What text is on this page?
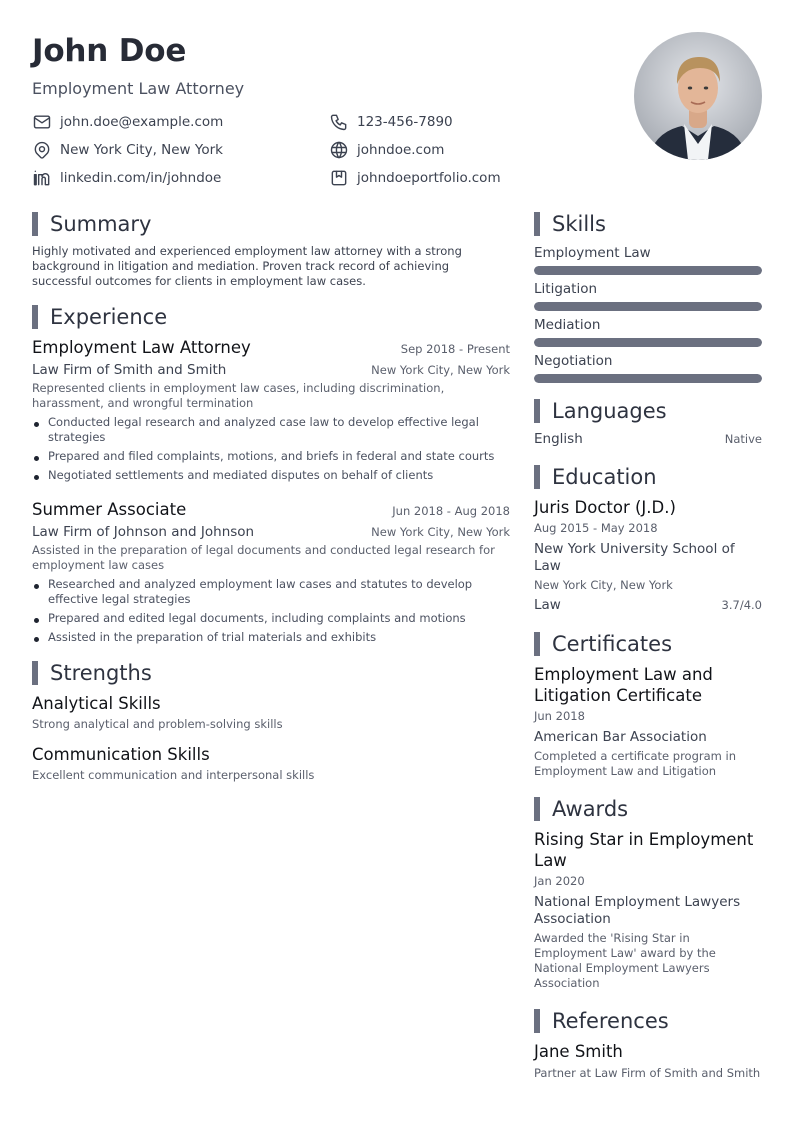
John Doe
Employment Law Attorney
john.doe@example.com	123-456-7890
New York City, New York	johndoe.com
linkedin.com/in/johndoe	johndoeportfolio.com
Summary
Highly motivated and experienced employment law attorney with a strong background in litigation and mediation. Proven track record of achieving successful outcomes for clients in employment law cases.
Experience
Employment Law Attorney	Sep 2018 - Present
Law Firm of Smith and Smith	New York City, New York
Represented clients in employment law cases, including discrimination, harassment, and wrongful termination
Conducted legal research and analyzed case law to develop effective legal strategies
Prepared and filed complaints, motions, and briefs in federal and state courts
Negotiated settlements and mediated disputes on behalf of clients
Summer Associate	Jun 2018 - Aug 2018
Law Firm of Johnson and Johnson	New York City, New York
Assisted in the preparation of legal documents and conducted legal research for employment law cases
Researched and analyzed employment law cases and statutes to develop effective legal strategies
Prepared and edited legal documents, including complaints and motions
Assisted in the preparation of trial materials and exhibits
Strengths
Analytical Skills
Strong analytical and problem-solving skills
Communication Skills
Excellent communication and interpersonal skills
Skills
Employment Law
Litigation
Mediation
Negotiation
Languages
English	Native
Education
Juris Doctor (J.D.)
Aug 2015 - May 2018
New York University School of Law
New York City, New York
Law	3.7/4.0
Certificates
Employment Law and Litigation Certificate
Jun 2018
American Bar Association
Completed a certificate program in Employment Law and Litigation
Awards
Rising Star in Employment Law
Jan 2020
National Employment Lawyers Association
Awarded the 'Rising Star in Employment Law' award by the National Employment Lawyers Association
References
Jane Smith
Partner at Law Firm of Smith and Smith
